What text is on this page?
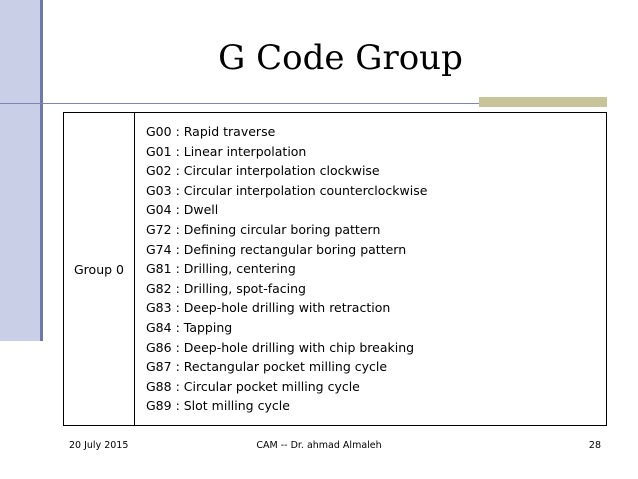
G Code Group
Group 0	
G00 : Rapid traverse
G01 : Linear interpolation
G02 : Circular interpolation clockwise
G03 : Circular interpolation counterclockwise
G04 : Dwell
G72 : Defining circular boring pattern
G74 : Defining rectangular boring pattern
G81 : Drilling, centering
G82 : Drilling, spot-facing
G83 : Deep-hole drilling with retraction
G84 : Tapping
G86 : Deep-hole drilling with chip breaking
G87 : Rectangular pocket milling cycle
G88 : Circular pocket milling cycle
G89 : Slot milling cycle
20 July 2015	CAM -- Dr. ahmad Almaleh	28
